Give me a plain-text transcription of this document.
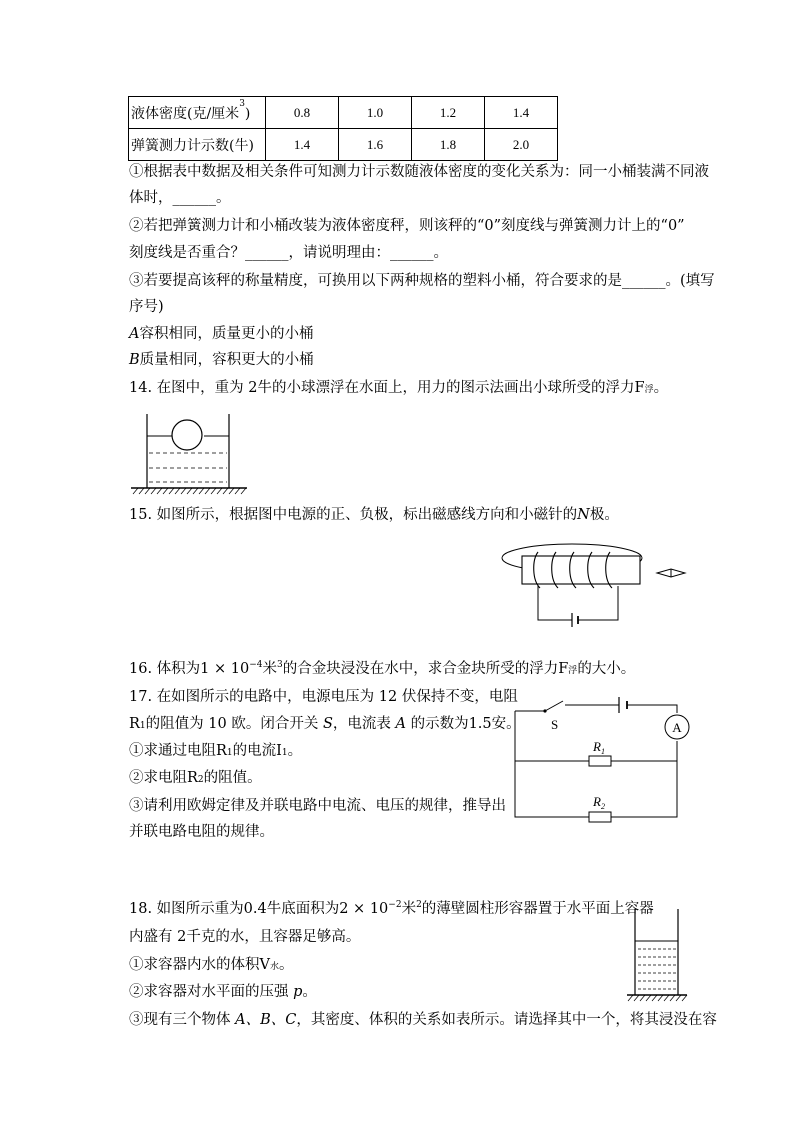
液体密度(克/厘米$^3$)	0.8	1.0	1.2	1.4
弹簧测力计示数(牛)	1.4	1.6	1.8	2.0
①根据表中数据及相关条件可知测力计示数随液体密度的变化关系为：同一小桶装满不同液
体时，______。
②若把弹簧测力计和小桶改装为液体密度秤，则该秤的“0”刻度线与弹簧测力计上的“0”
刻度线是否重合？______，请说明理由：______。
③若要提高该秤的称量精度，可换用以下两种规格的塑料小桶，符合要求的是______。(填写
序号)
A容积相同，质量更小的小桶
B质量相同，容积更大的小桶
14. 在图中，重为 2牛的小球漂浮在水面上，用力的图示法画出小球所受的浮力$F_浮$。
15. 如图所示，根据图中电源的正、负极，标出磁感线方向和小磁针的N极。
16. 体积为$1 \times 10^{-4}$米$^3$的合金块浸没在水中，求合金块所受的浮力$F_浮$的大小。
17. 在如图所示的电路中，电源电压为 12 伏保持不变，电阻
$R_1$的阻值为 10 欧。闭合开关 S，电流表 A 的示数为1.5安。
①求通过电阻$R_1$的电流$I_1$。
②求电阻$R_2$的阻值。
③请利用欧姆定律及并联电路中电流、电压的规律，推导出
并联电路电阻的规律。
S	A
$R_1$
$R_2$
18. 如图所示重为0.4牛底面积为$2 \times 10^{-2}$米$^2$的薄壁圆柱形容器置于水平面上容器
内盛有 2千克的水，且容器足够高。
①求容器内水的体积$V_水$。
②求容器对水平面的压强 p。
③现有三个物体 A、B、C，其密度、体积的关系如表所示。请选择其中一个，将其浸没在容
